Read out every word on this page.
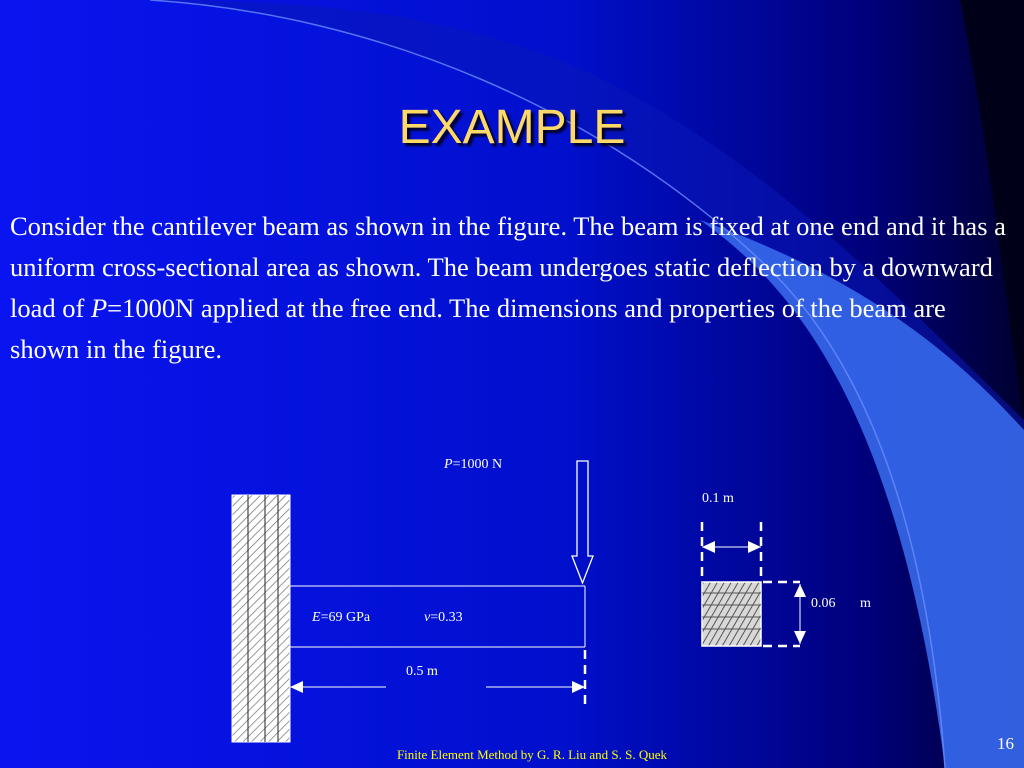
EXAMPLE
Consider the cantilever beam as shown in the figure. The beam is fixed at one end and it has a uniform cross-sectional area as shown. The beam undergoes static deflection by a downward load of P=1000N applied at the free end. The dimensions and properties of the beam are shown in the figure.
P=1000 N
E=69 GPa	ν=0.33
0.5 m
0.1 m
0.06 m
Finite Element Method by G. R. Liu and S. S. Quek
16
